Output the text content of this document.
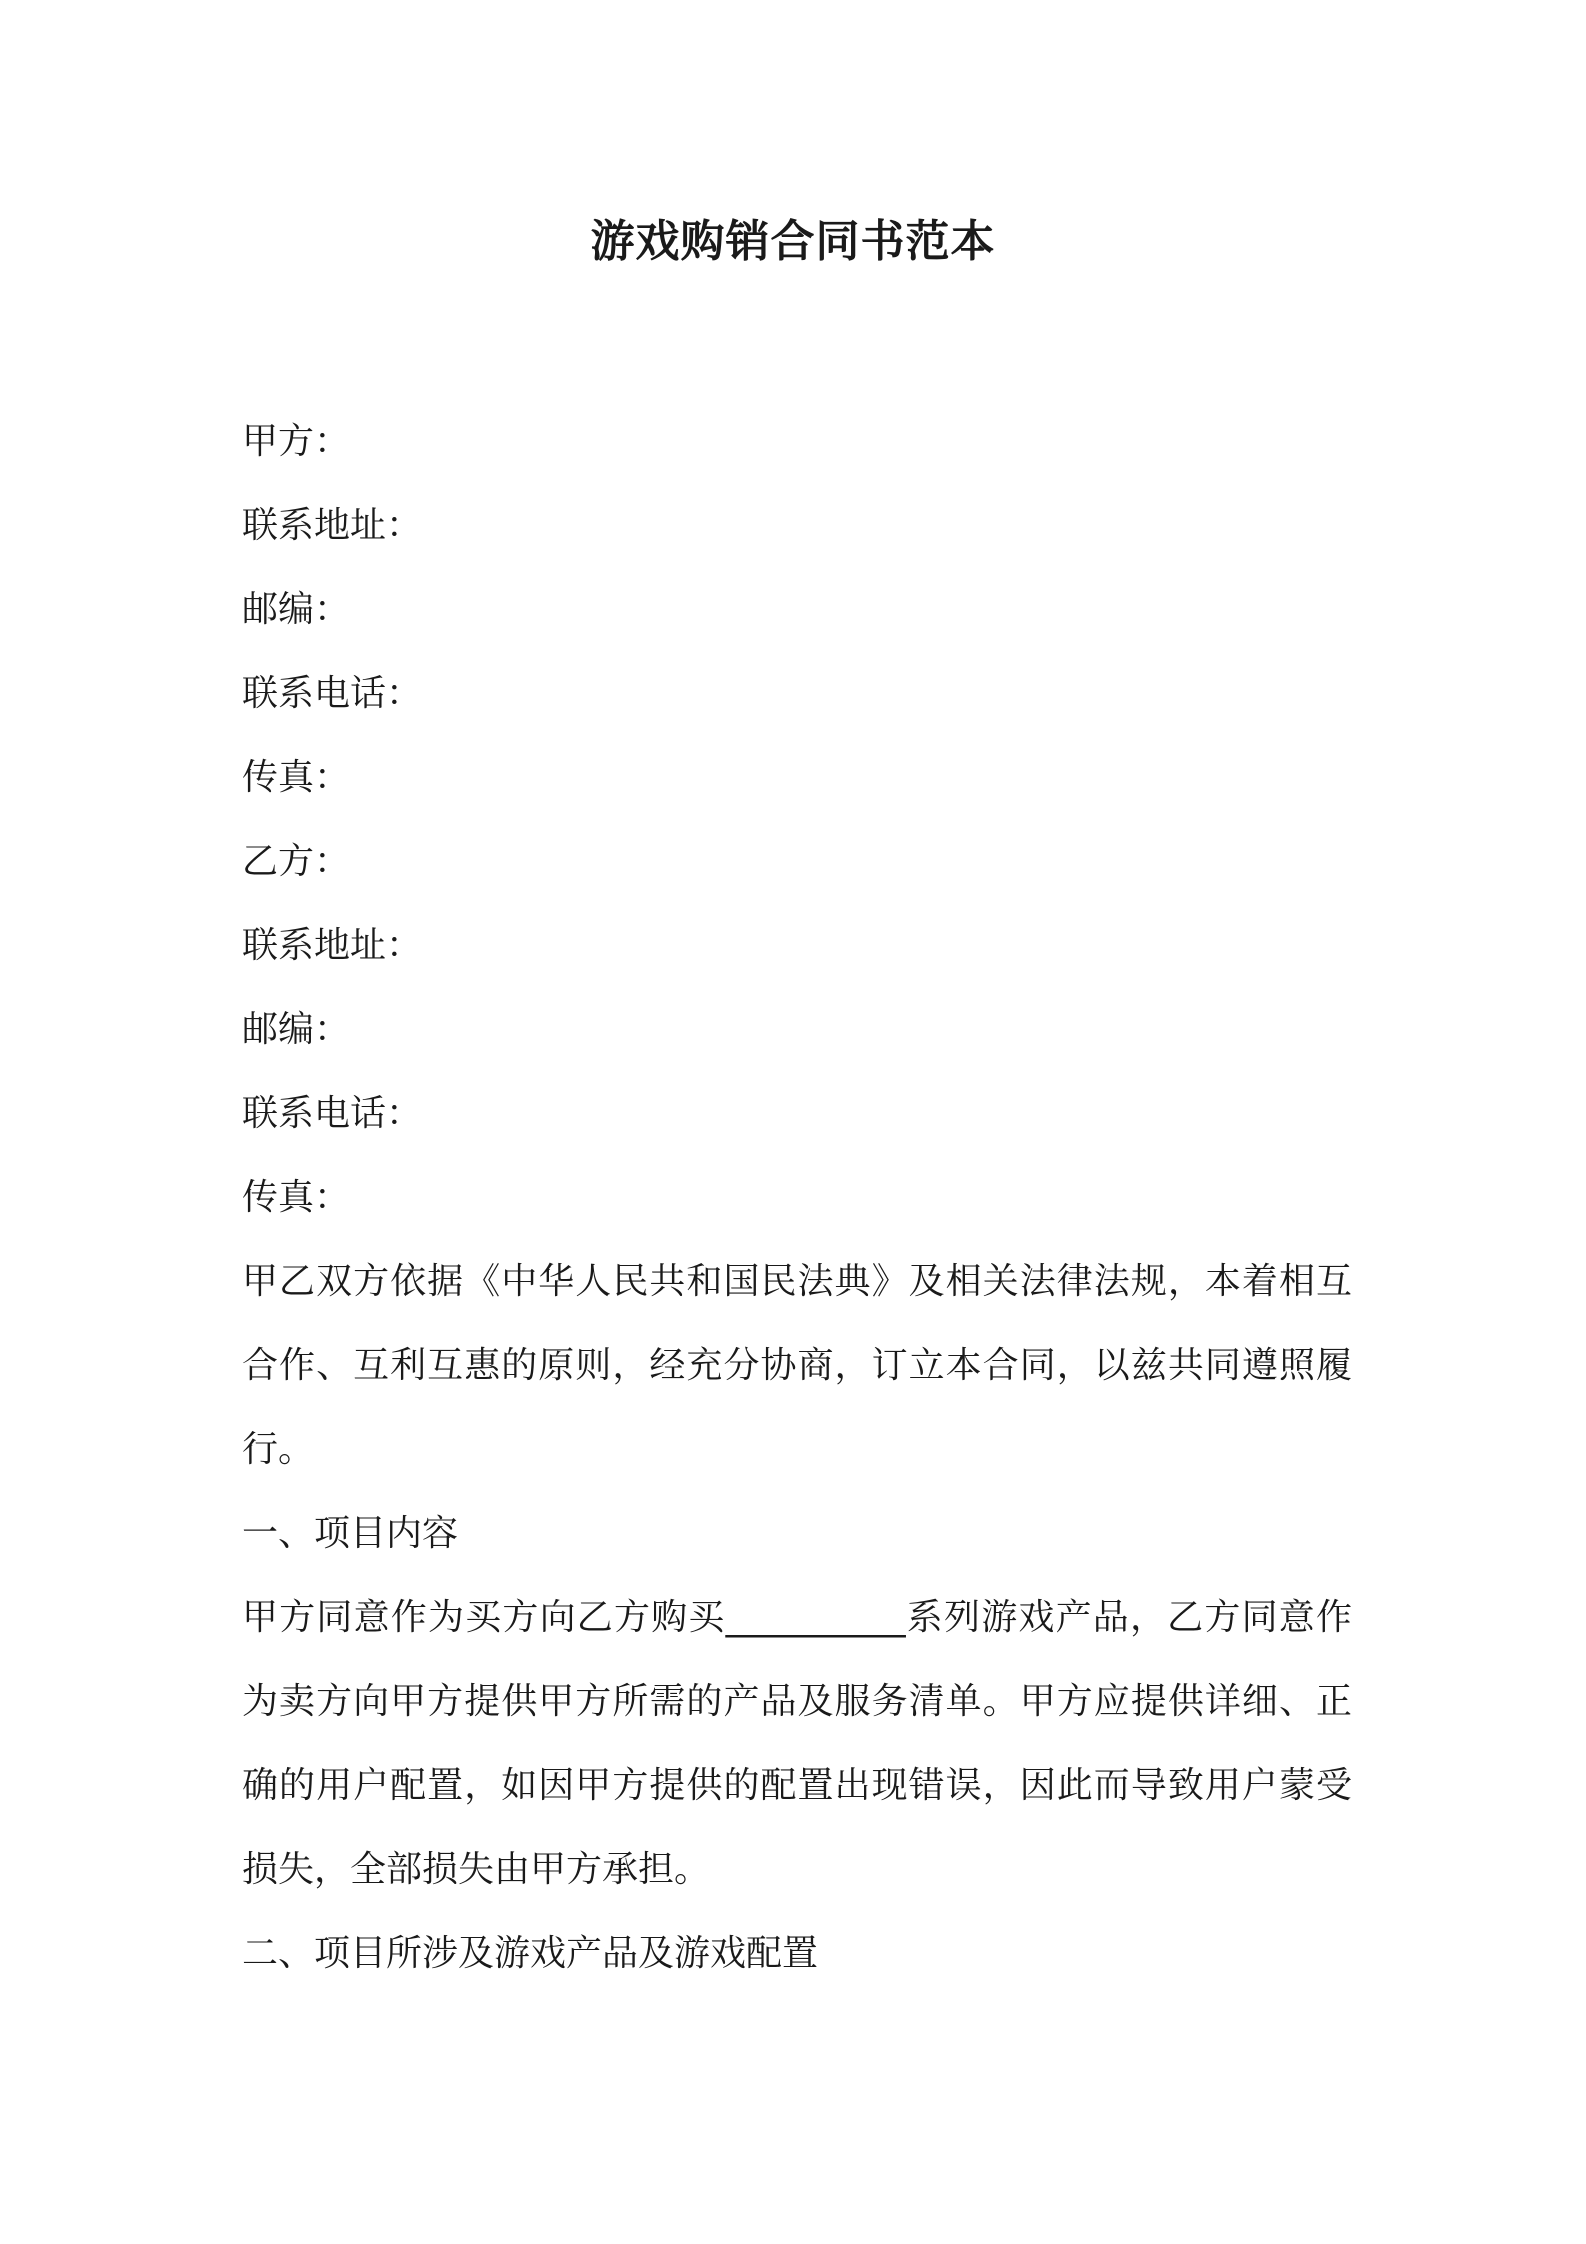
游戏购销合同书范本

甲方：

联系地址：

邮编：

联系电话：

传真：

乙方：

联系地址：

邮编：

联系电话：

传真：

甲乙双方依据《中华人民共和国民法典》及相关法律法规，本着相互合作、互利互惠的原则，经充分协商，订立本合同，以兹共同遵照履行。

一、项目内容

甲方同意作为买方向乙方购买__________系列游戏产品，乙方同意作为卖方向甲方提供甲方所需的产品及服务清单。甲方应提供详细、正确的用户配置，如因甲方提供的配置出现错误，因此而导致用户蒙受损失，全部损失由甲方承担。

二、项目所涉及游戏产品及游戏配置
